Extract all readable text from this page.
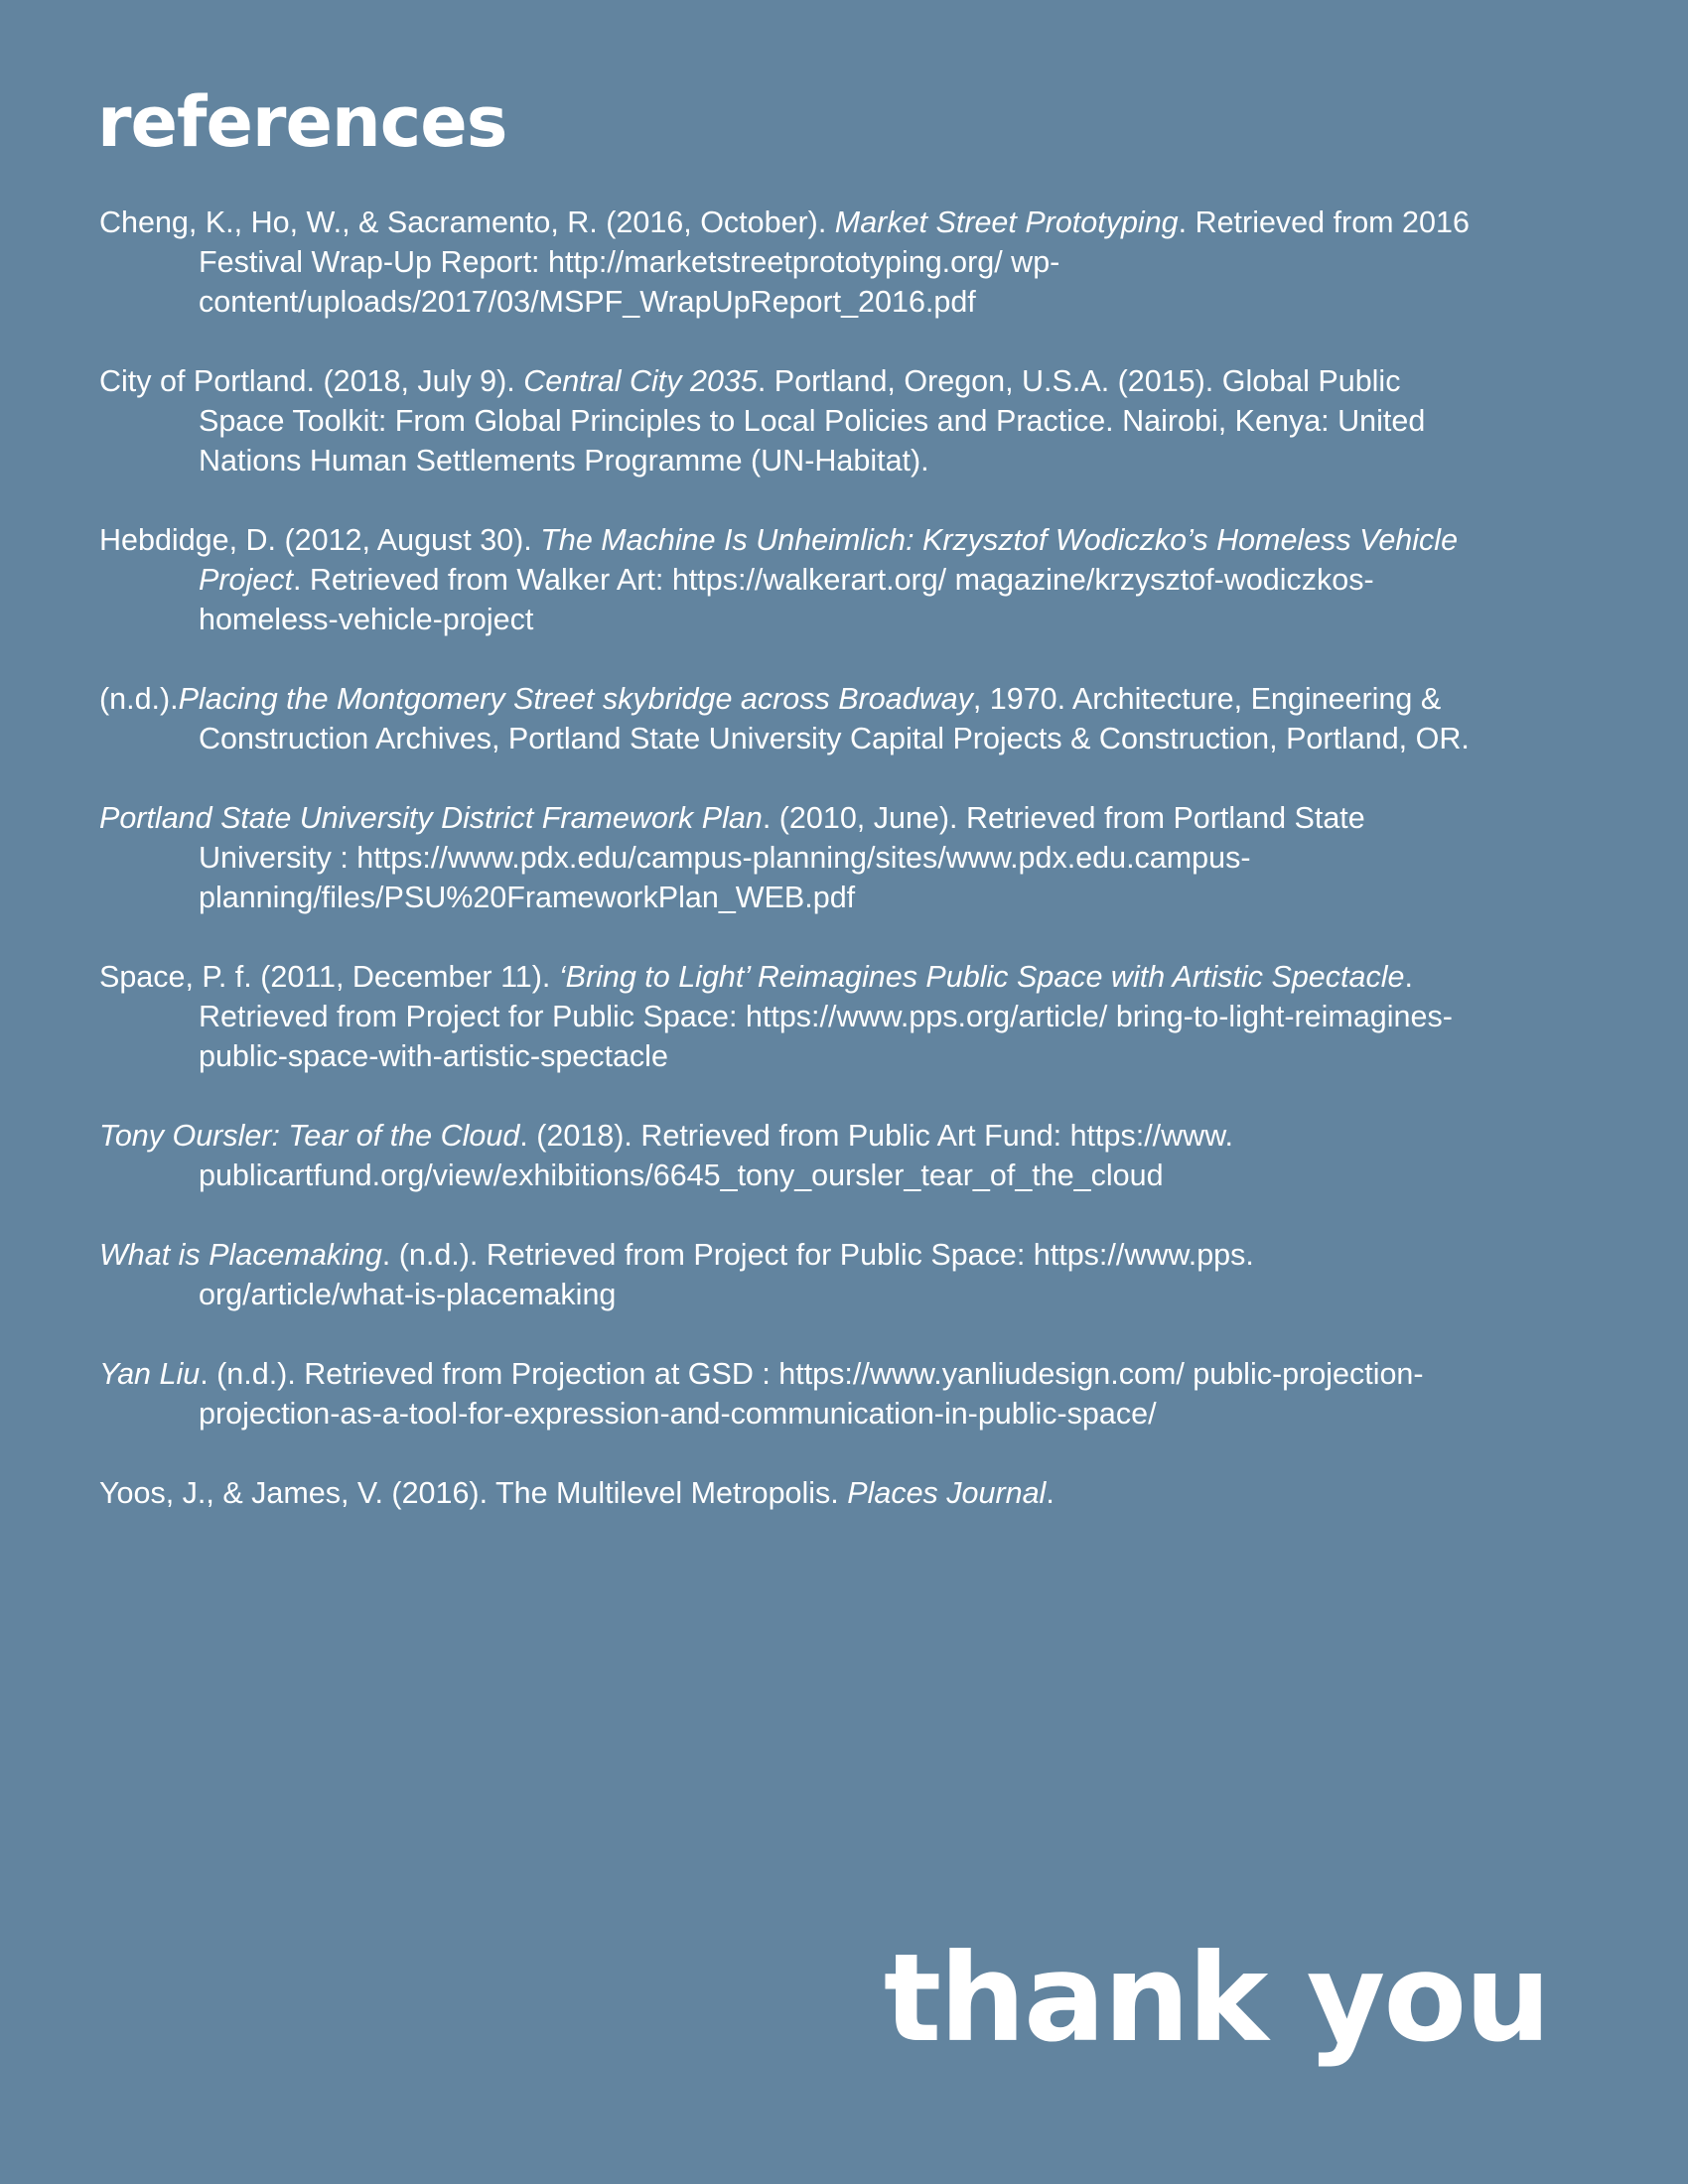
references
Cheng, K., Ho, W., & Sacramento, R. (2016, October). Market Street Prototyping. Retrieved from 2016 Festival Wrap-Up Report: http://marketstreetprototyping.org/ wp-content/uploads/2017/03/MSPF_WrapUpReport_2016.pdf
City of Portland. (2018, July 9). Central City 2035. Portland, Oregon, U.S.A. (2015). Global Public Space Toolkit: From Global Principles to Local Policies and Practice. Nairobi, Kenya: United Nations Human Settlements Programme (UN-Habitat).
Hebdidge, D. (2012, August 30). The Machine Is Unheimlich: Krzysztof Wodiczko’s Homeless Vehicle Project. Retrieved from Walker Art: https://walkerart.org/ magazine/krzysztof-wodiczkos-homeless-vehicle-project
(n.d.).Placing the Montgomery Street skybridge across Broadway, 1970. Architecture, Engineering & Construction Archives, Portland State University Capital Projects & Construction, Portland, OR.
Portland State University District Framework Plan. (2010, June). Retrieved from Portland State University : https://www.pdx.edu/campus-planning/sites/www.pdx.edu.campus-planning/files/PSU%20FrameworkPlan_WEB.pdf
Space, P. f. (2011, December 11). ‘Bring to Light’ Reimagines Public Space with Artistic Spectacle. Retrieved from Project for Public Space: https://www.pps.org/article/ bring-to-light-reimagines-public-space-with-artistic-spectacle
Tony Oursler: Tear of the Cloud. (2018). Retrieved from Public Art Fund: https://www. publicartfund.org/view/exhibitions/6645_tony_oursler_tear_of_the_cloud
What is Placemaking. (n.d.). Retrieved from Project for Public Space: https://www.pps. org/article/what-is-placemaking
Yan Liu. (n.d.). Retrieved from Projection at GSD : https://www.yanliudesign.com/ public-projection-projection-as-a-tool-for-expression-and-communication-in-public-space/
Yoos, J., & James, V. (2016). The Multilevel Metropolis. Places Journal.
thank you
